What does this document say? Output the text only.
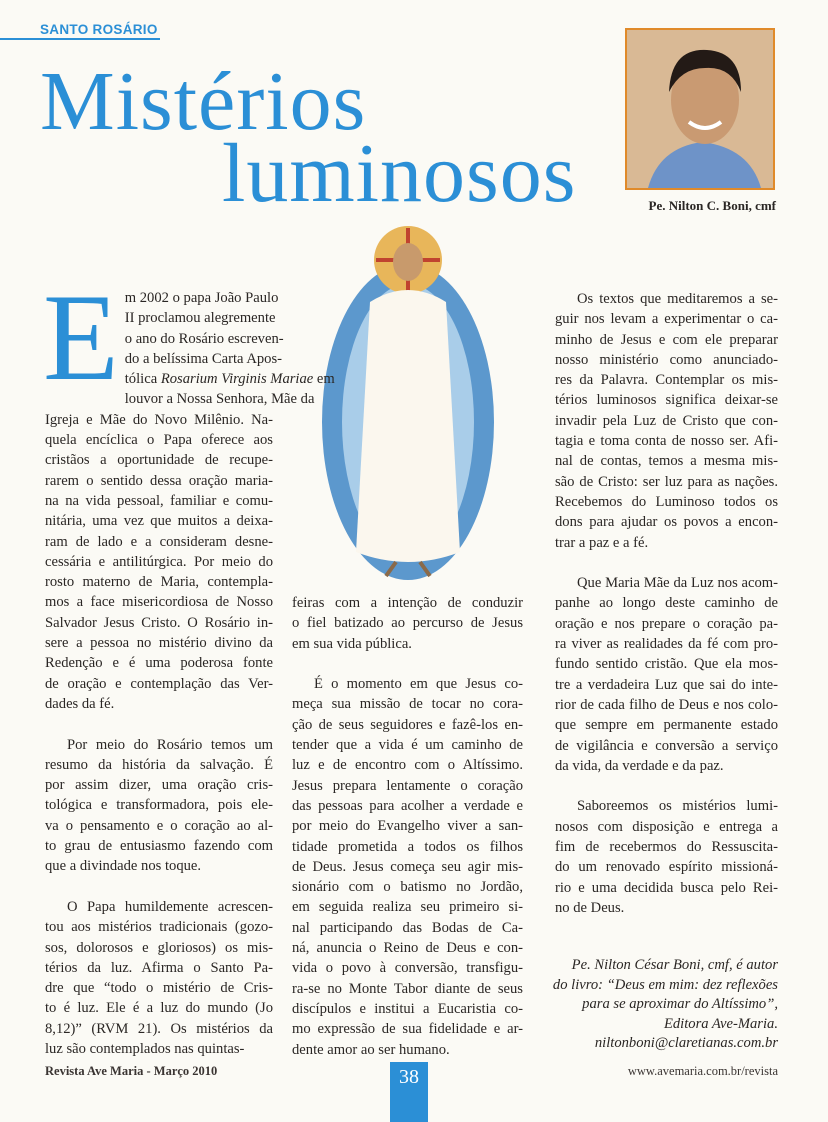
SANTO ROSÁRIO
Mistérios
luminosos	Pe. Nilton C. Boni, cmf
E m 2002 o papa João Paulo
II proclamou alegremente
o ano do Rosário escreven-
do a belíssima Carta Apos-
tólica Rosarium Virginis Mariae em
louvor a Nossa Senhora, Mãe da
Igreja e Mãe do Novo Milênio. Na-
quela encíclica o Papa oferece aos
cristãos a oportunidade de recupe-
rarem o sentido dessa oração maria-
na na vida pessoal, familiar e comu-
nitária, uma vez que muitos a deixa-
ram de lado e a consideram desne-
cessária e antilitúrgica. Por meio do
rosto materno de Maria, contempla-
mos a face misericordiosa de Nosso
Salvador Jesus Cristo. O Rosário in-
sere a pessoa no mistério divino da
Redenção e é uma poderosa fonte
de oração e contemplação das Ver-
dades da fé.
Por meio do Rosário temos um
resumo da história da salvação. É
por assim dizer, uma oração cris-
tológica e transformadora, pois ele-
va o pensamento e o coração ao al-
to grau de entusiasmo fazendo com
que a divindade nos toque.
O Papa humildemente acrescen-
tou aos mistérios tradicionais (gozo-
sos, dolorosos e gloriosos) os mis-
térios da luz. Afirma o Santo Pa-
dre que “todo o mistério de Cris-
to é luz. Ele é a luz do mundo (Jo
8,12)” (RVM 21). Os mistérios da
luz são contemplados nas quintas-
feiras com a intenção de conduzir
o fiel batizado ao percurso de Jesus
em sua vida pública.
É o momento em que Jesus co-
meça sua missão de tocar no cora-
ção de seus seguidores e fazê-los en-
tender que a vida é um caminho de
luz e de encontro com o Altíssimo.
Jesus prepara lentamente o coração
das pessoas para acolher a verdade e
por meio do Evangelho viver a san-
tidade prometida a todos os filhos
de Deus. Jesus começa seu agir mis-
sionário com o batismo no Jordão,
em seguida realiza seu primeiro si-
nal participando das Bodas de Ca-
ná, anuncia o Reino de Deus e con-
vida o povo à conversão, transfigu-
ra-se no Monte Tabor diante de seus
discípulos e institui a Eucaristia co-
mo expressão de sua fidelidade e ar-
dente amor ao ser humano.
Os textos que meditaremos a se-
guir nos levam a experimentar o ca-
minho de Jesus e com ele preparar
nosso ministério como anunciado-
res da Palavra. Contemplar os mis-
térios luminosos significa deixar-se
invadir pela Luz de Cristo que con-
tagia e toma conta de nosso ser. Afi-
nal de contas, temos a mesma mis-
são de Cristo: ser luz para as nações.
Recebemos do Luminoso todos os
dons para ajudar os povos a encon-
trar a paz e a fé.
Que Maria Mãe da Luz nos acom-
panhe ao longo deste caminho de
oração e nos prepare o coração pa-
ra viver as realidades da fé com pro-
fundo sentido cristão. Que ela mos-
tre a verdadeira Luz que sai do inte-
rior de cada filho de Deus e nos colo-
que sempre em permanente estado
de vigilância e conversão a serviço
da vida, da verdade e da paz.
Saboreemos os mistérios lumi-
nosos com disposição e entrega a
fim de recebermos do Ressuscita-
do um renovado espírito missioná-
rio e uma decidida busca pelo Rei-
no de Deus.
Pe. Nilton César Boni, cmf, é autor
do livro: “Deus em mim: dez reflexões
para se aproximar do Altíssimo”,
Editora Ave-Maria.
niltonboni@claretianas.com.br
Revista Ave Maria - Março 2010	38	www.avemaria.com.br/revista
